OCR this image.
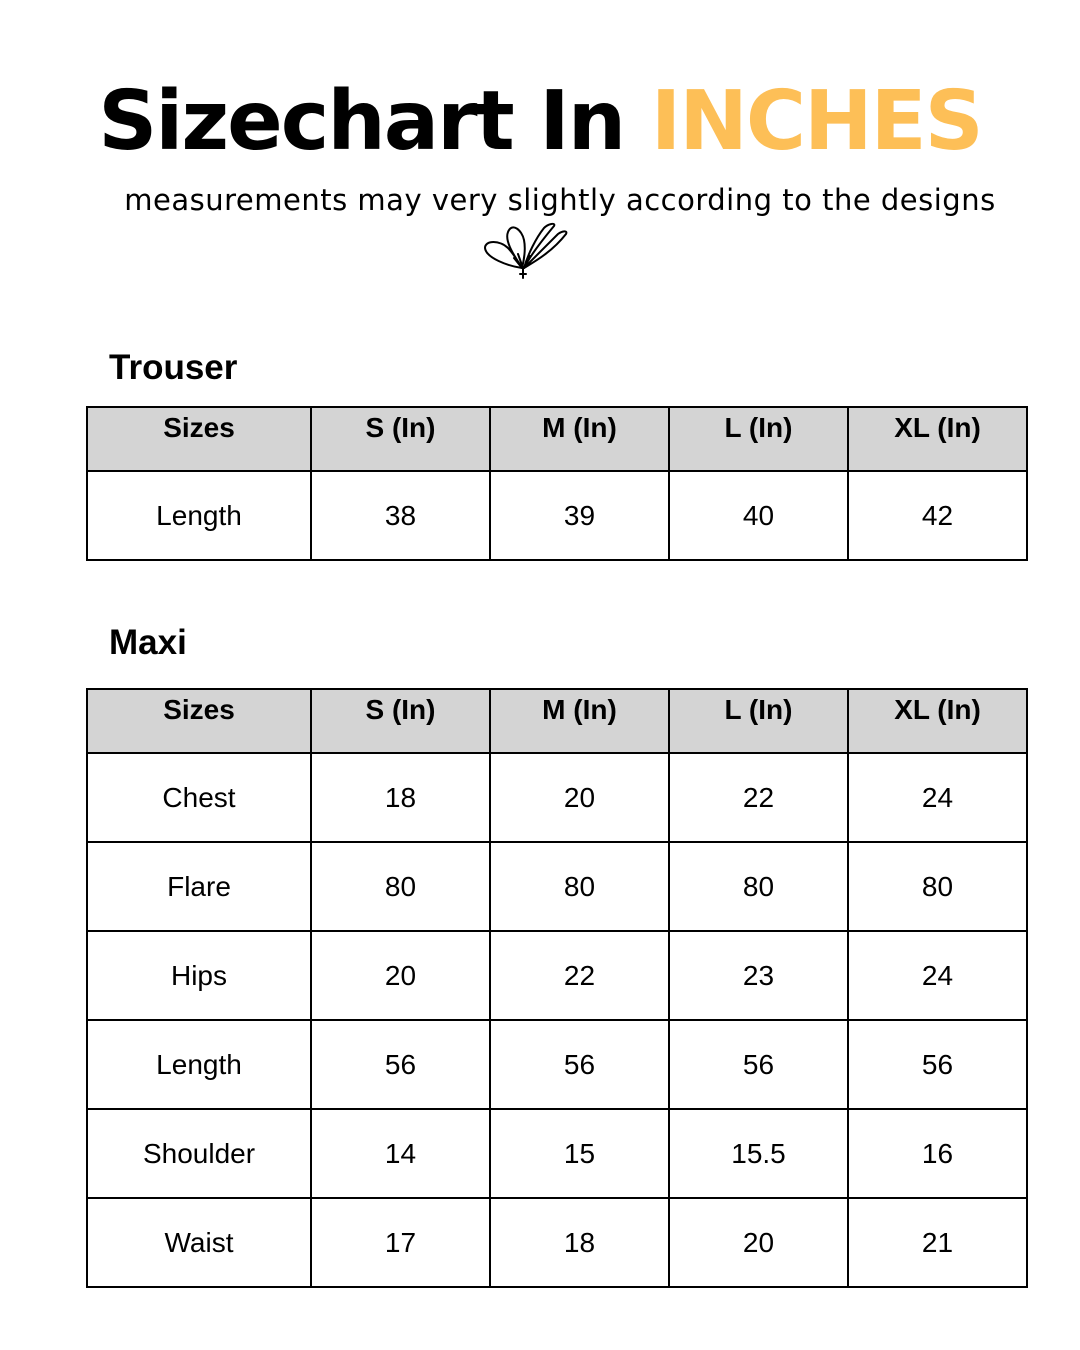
Sizechart In INCHES
measurements may very slightly according to the designs
Trouser
Sizes	S (In)	M (In)	L (In)	XL (In)
Length	38	39	40	42
Maxi
Sizes	S (In)	M (In)	L (In)	XL (In)
Chest	18	20	22	24
Flare	80	80	80	80
Hips	20	22	23	24
Length	56	56	56	56
Shoulder	14	15	15.5	16
Waist	17	18	20	21
